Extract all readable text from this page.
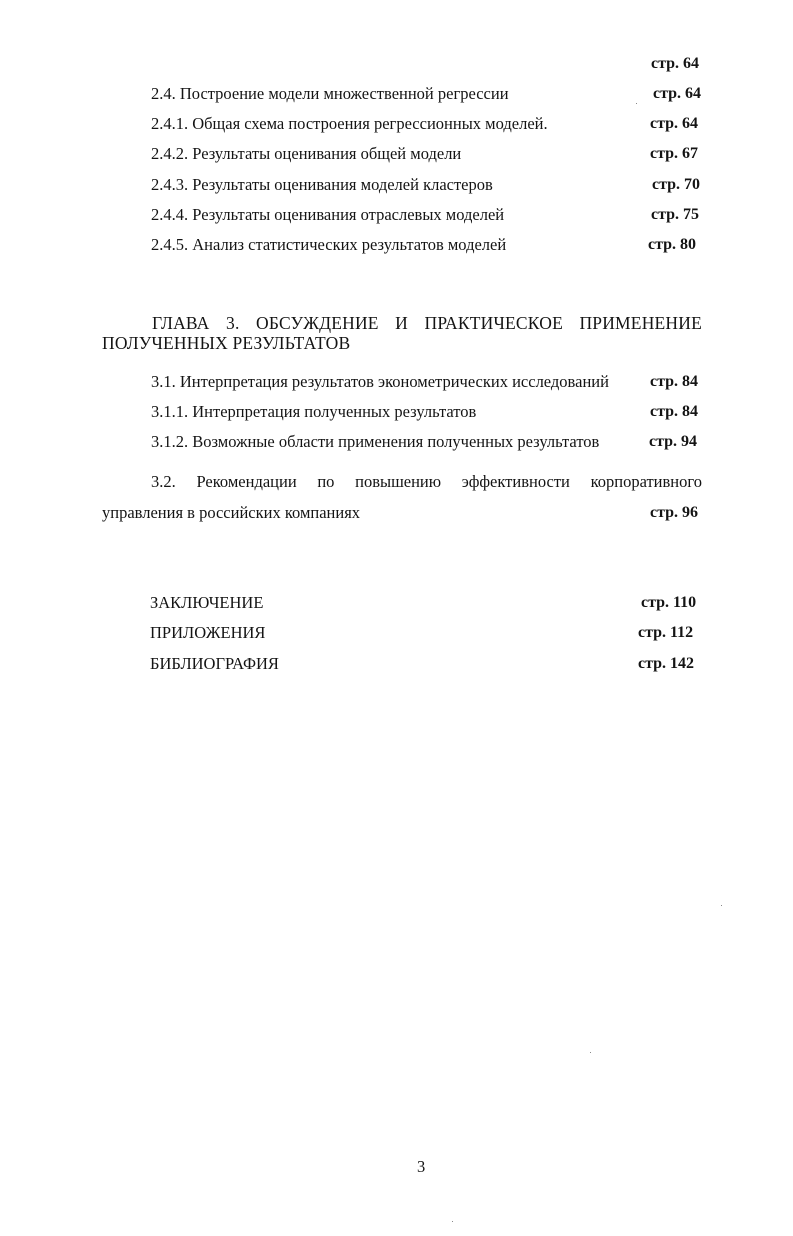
стр. 64
2.4. Построение модели множественной регрессии	стр. 64
2.4.1. Общая схема построения регрессионных моделей.	стр. 64
2.4.2. Результаты оценивания общей модели	стр. 67
2.4.3. Результаты оценивания моделей кластеров	стр. 70
2.4.4. Результаты оценивания отраслевых моделей	стр. 75
2.4.5. Анализ статистических результатов моделей	стр. 80
ГЛАВА 3. ОБСУЖДЕНИЕ И ПРАКТИЧЕСКОЕ ПРИМЕНЕНИЕ
ПОЛУЧЕННЫХ РЕЗУЛЬТАТОВ
3.1. Интерпретация результатов эконометрических исследований	стр. 84
3.1.1. Интерпретация полученных результатов	стр. 84
3.1.2. Возможные области применения полученных результатов	стр. 94
3.2. Рекомендации по повышению эффективности корпоративного
управления в российских компаниях	стр. 96
ЗАКЛЮЧЕНИЕ	стр. 110
ПРИЛОЖЕНИЯ	стр. 112
БИБЛИОГРАФИЯ	стр. 142
3
